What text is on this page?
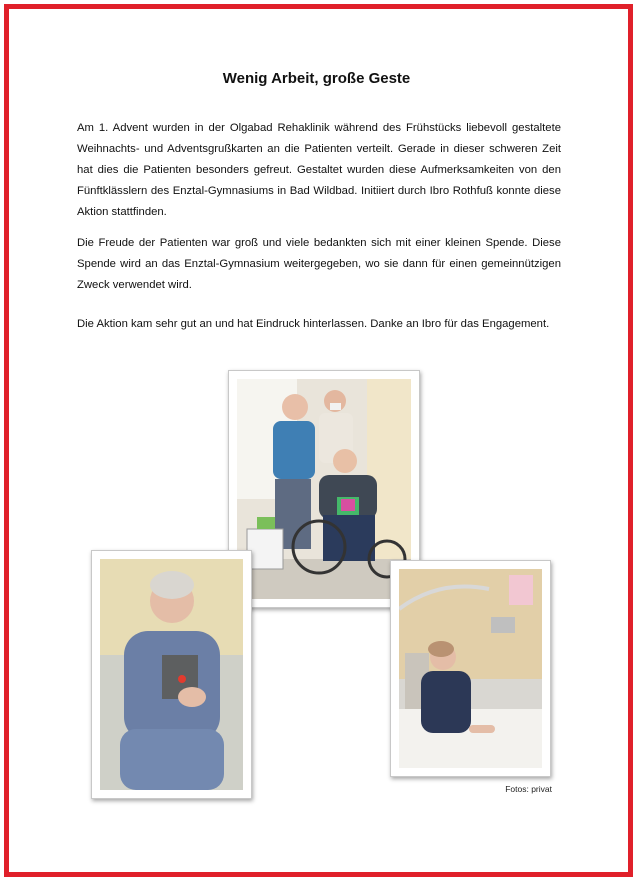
Wenig Arbeit, große Geste
Am 1. Advent wurden in der Olgabad Rehaklinik während des Frühstücks liebevoll gestaltete Weihnachts- und Adventsgrußkarten an die Patienten verteilt. Gerade in dieser schweren Zeit hat dies die Patienten besonders gefreut. Gestaltet wurden diese Aufmerksamkeiten von den Fünftklässlern des Enztal-Gymnasiums in Bad Wildbad. Initiiert durch Ibro Rothfuß konnte diese Aktion stattfinden.
Die Freude der Patienten war groß und viele bedankten sich mit einer kleinen Spende. Diese Spende wird an das Enztal-Gymnasium weitergegeben, wo sie dann für einen gemeinnützigen Zweck verwendet wird.
Die Aktion kam sehr gut an und hat Eindruck hinterlassen. Danke an Ibro für das Engagement.
Fotos: privat
